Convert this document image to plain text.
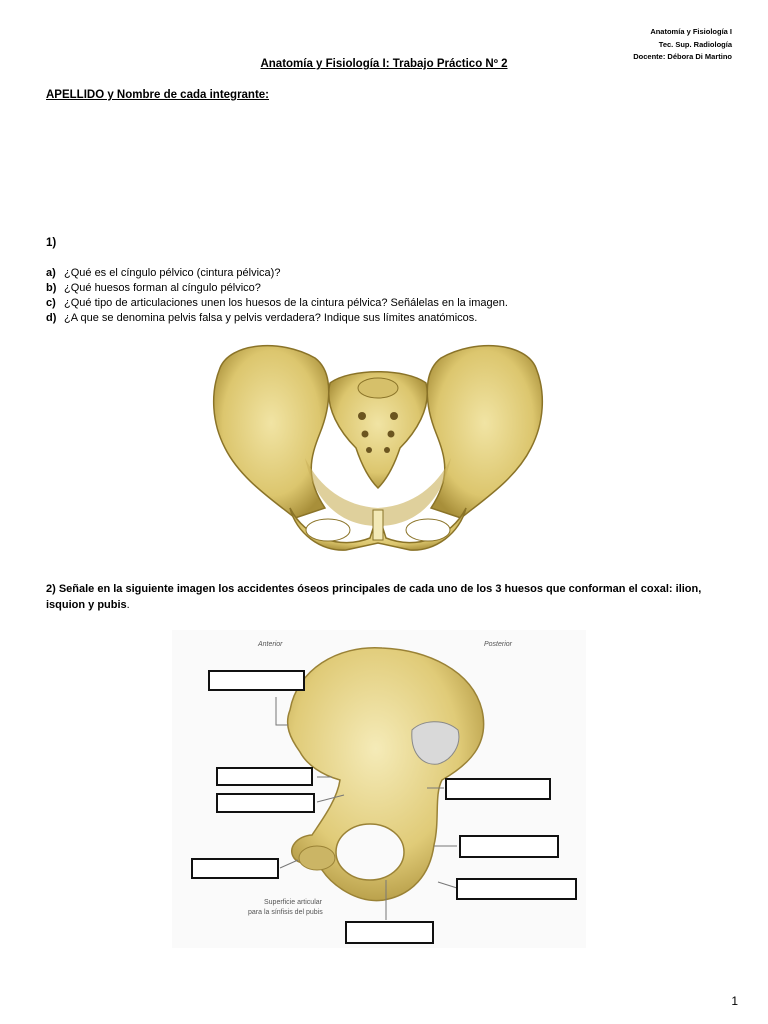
Anatomía y Fisiología I
Tec. Sup. Radiología
Docente: Débora Di Martino
Anatomía y Fisiología I: Trabajo Práctico Nº 2
APELLIDO y Nombre de cada integrante:
1)
a) ¿Qué es el cíngulo pélvico (cintura pélvica)?
b) ¿Qué huesos forman al cíngulo pélvico?
c) ¿Qué tipo de articulaciones unen los huesos de la cintura pélvica? Señálelas en la imagen.
d) ¿A que se denomina pelvis falsa y pelvis verdadera? Indique sus límites anatómicos.
2) Señale en la siguiente imagen los accidentes óseos principales de cada uno de los 3 huesos que conforman el coxal: ilion, isquion y pubis.
Anterior	Posterior
Superficie articular
para la sínfisis del pubis
1
